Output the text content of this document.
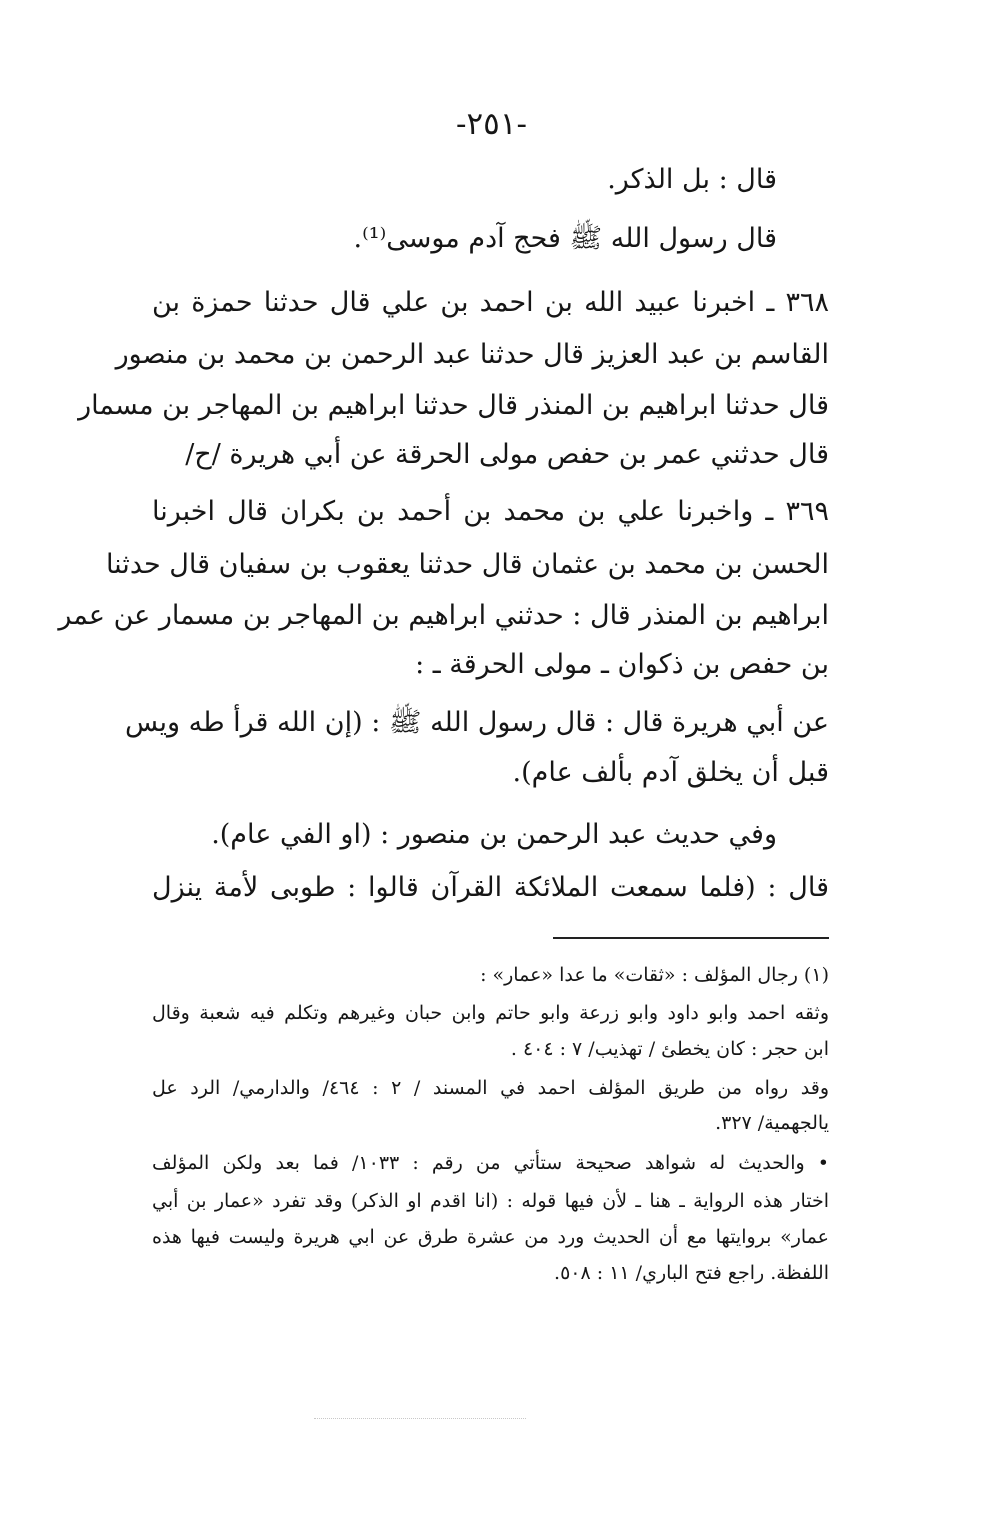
-٢٥١-
قال : بل الذكر.
قال رسول الله ﷺ فحج آدم موسى⁽¹⁾.
٣٦٨ ـ اخبرنا عبيد الله بن احمد بن علي قال حدثنا حمزة بن
القاسم بن عبد العزيز قال حدثنا عبد الرحمن بن محمد بن منصور
قال حدثنا ابراهيم بن المنذر قال حدثنا ابراهيم بن المهاجر بن مسمار
قال حدثني عمر بن حفص مولى الحرقة عن أبي هريرة /ح/
٣٦٩ ـ واخبرنا علي بن محمد بن أحمد بن بكران قال اخبرنا
الحسن بن محمد بن عثمان قال حدثنا يعقوب بن سفيان قال حدثنا
ابراهيم بن المنذر قال : حدثني ابراهيم بن المهاجر بن مسمار عن عمر
بن حفص بن ذكوان ـ مولى الحرقة ـ :
عن أبي هريرة قال : قال رسول الله ﷺ : (إن الله قرأ طه ويس
قبل أن يخلق آدم بألف عام).
وفي حديث عبد الرحمن بن منصور : (او الفي عام).
قال : (فلما سمعت الملائكة القرآن قالوا : طوبى لأمة ينزل
(١) رجال المؤلف : «ثقات» ما عدا «عمار» :
وثقه احمد وابو داود وابو زرعة وابو حاتم وابن حبان وغيرهم وتكلم فيه شعبة وقال
ابن حجر : كان يخطئ / تهذيب/ ٧ : ٤٠٤ .
وقد رواه من طريق المؤلف احمد في المسند / ٢ : ٤٦٤/ والدارمي/ الرد عل
يالجهمية/ ٣٢٧.
• والحديث له شواهد صحيحة ستأتي من رقم : ١٠٣٣/ فما بعد ولكن المؤلف
اختار هذه الرواية ـ هنا ـ لأن فيها قوله : (انا اقدم او الذكر) وقد تفرد «عمار بن أبي
عمار» بروايتها مع أن الحديث ورد من عشرة طرق عن ابي هريرة وليست فيها هذه
اللفظة. راجع فتح الباري/ ١١ : ٥٠٨.
